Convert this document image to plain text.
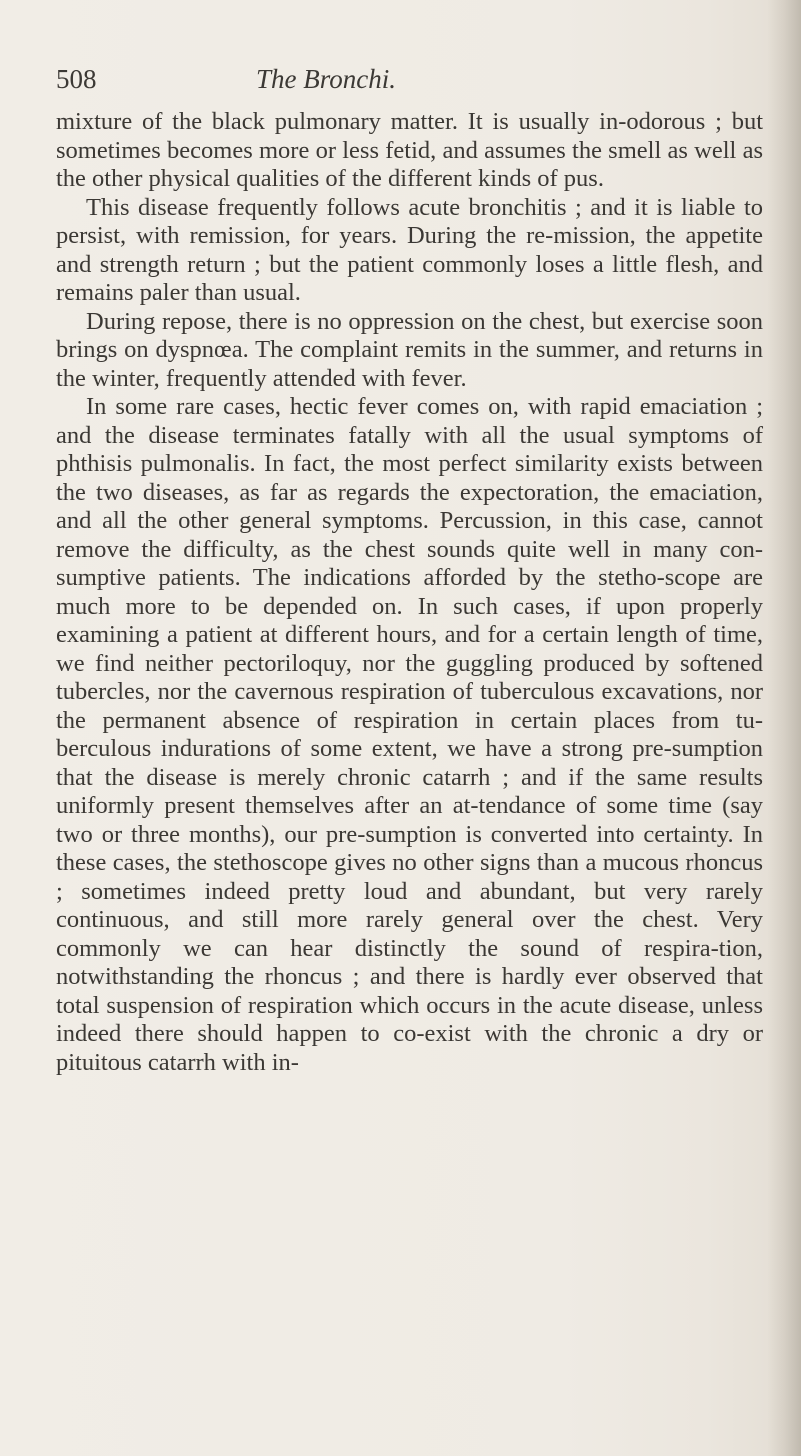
508	The Bronchi.

mixture of the black pulmonary matter. It is usually in-odorous ; but sometimes becomes more or less fetid, and assumes the smell as well as the other physical qualities of the different kinds of pus.

This disease frequently follows acute bronchitis ; and it is liable to persist, with remission, for years. During the re-mission, the appetite and strength return ; but the patient commonly loses a little flesh, and remains paler than usual.

During repose, there is no oppression on the chest, but exercise soon brings on dyspnœa. The complaint remits in the summer, and returns in the winter, frequently attended with fever.

In some rare cases, hectic fever comes on, with rapid emaciation ; and the disease terminates fatally with all the usual symptoms of phthisis pulmonalis. In fact, the most perfect similarity exists between the two diseases, as far as regards the expectoration, the emaciation, and all the other general symptoms. Percussion, in this case, cannot remove the difficulty, as the chest sounds quite well in many con-sumptive patients. The indications afforded by the stetho-scope are much more to be depended on. In such cases, if upon properly examining a patient at different hours, and for a certain length of time, we find neither pectoriloquy, nor the guggling produced by softened tubercles, nor the cavernous respiration of tuberculous excavations, nor the permanent absence of respiration in certain places from tu-berculous indurations of some extent, we have a strong pre-sumption that the disease is merely chronic catarrh ; and if the same results uniformly present themselves after an at-tendance of some time (say two or three months), our pre-sumption is converted into certainty. In these cases, the stethoscope gives no other signs than a mucous rhoncus ; sometimes indeed pretty loud and abundant, but very rarely continuous, and still more rarely general over the chest. Very commonly we can hear distinctly the sound of respira-tion, notwithstanding the rhoncus ; and there is hardly ever observed that total suspension of respiration which occurs in the acute disease, unless indeed there should happen to co-exist with the chronic a dry or pituitous catarrh with in-
